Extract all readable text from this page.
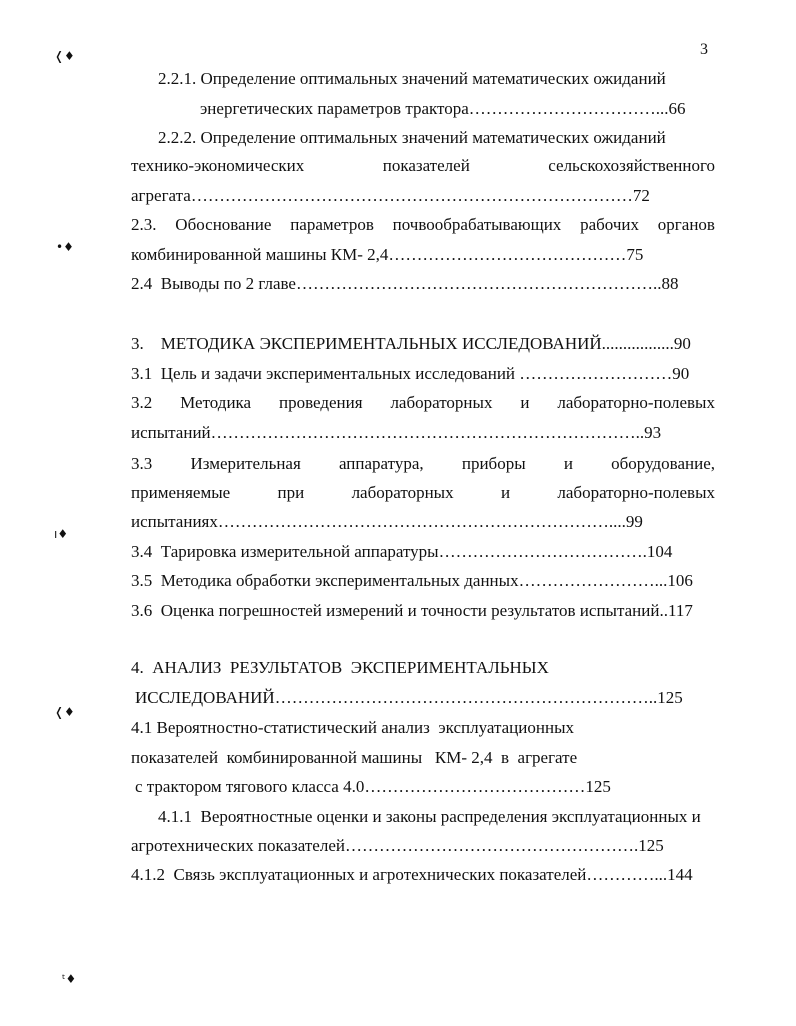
3
❬♦
•♦
ı♦
❬♦
ᵗ♦

2.2.1. Определение оптимальных значений математических ожиданий

энергетических параметров трактора……………………………...66

2.2.2. Определение оптимальных значений математических ожиданий

технико-экономических	показателей	сельскохозяйственного

агрегата……………………………………………………………………72

2.3. Обоснование параметров почвообрабатывающих рабочих органов

комбинированной машины КМ- 2,4……………………………………75

2.4  Выводы по 2 главе………………………………………………………..88

3.    МЕТОДИКА ЭКСПЕРИМЕНТАЛЬНЫХ ИССЛЕДОВАНИЙ.................90

3.1  Цель и задачи экспериментальных исследований ………………………90

3.2 Методика проведения лабораторных и лабораторно-полевых

испытаний…………………………………………………………………..93

3.3 Измерительная аппаратура, приборы и оборудование,
применяемые	при	лабораторных	и	лабораторно-полевых

испытаниях……………………………………………………………....99

3.4  Тарировка измерительной аппаратуры……………………………….104

3.5  Методика обработки экспериментальных данных……………………...106

3.6  Оценка погрешностей измерений и точности результатов испытаний..117

4.  АНАЛИЗ  РЕЗУЛЬТАТОВ  ЭКСПЕРИМЕНТАЛЬНЫХ

ИССЛЕДОВАНИЙ…………………………………………………………..125

4.1 Вероятностно-статистический анализ  эксплуатационных

показателей  комбинированной машины   КМ- 2,4  в  агрегате

с трактором тягового класса 4.0…………………………………125

4.1.1  Вероятностные оценки и законы распределения эксплуатационных и

агротехнических показателей…………………………………………….125

4.1.2  Связь эксплуатационных и агротехнических показателей…………...144
